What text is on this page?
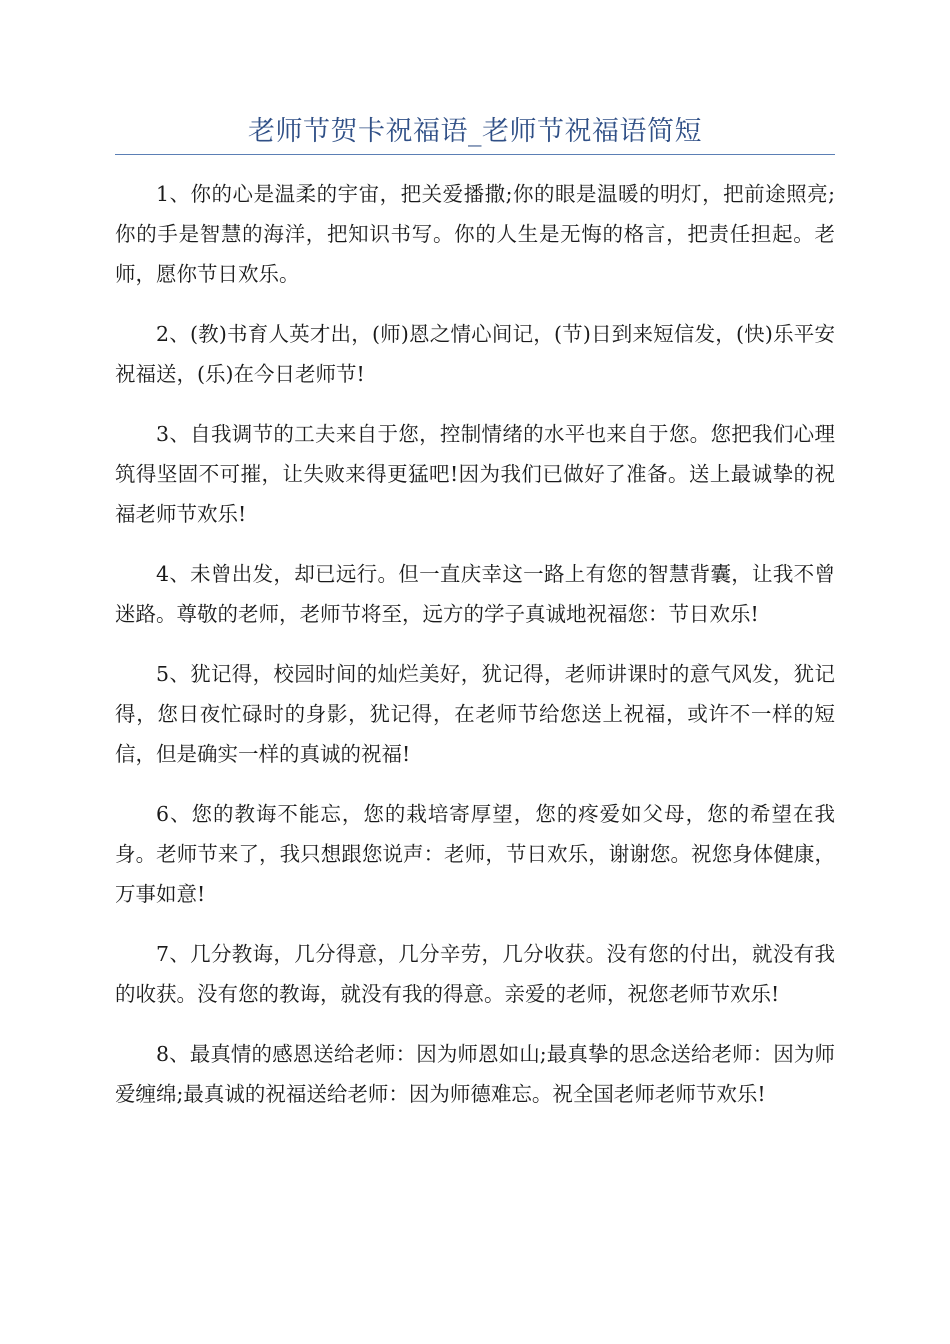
老师节贺卡祝福语_老师节祝福语简短

1、你的心是温柔的宇宙，把关爱播撒;你的眼是温暖的明灯，把前途照亮;你的手是智慧的海洋，把知识书写。你的人生是无悔的格言，把责任担起。老师，愿你节日欢乐。

2、(教)书育人英才出，(师)恩之情心间记，(节)日到来短信发，(快)乐平安祝福送，(乐)在今日老师节!

3、自我调节的工夫来自于您，控制情绪的水平也来自于您。您把我们心理筑得坚固不可摧，让失败来得更猛吧!因为我们已做好了准备。送上最诚挚的祝福老师节欢乐!

4、未曾出发，却已远行。但一直庆幸这一路上有您的智慧背囊，让我不曾迷路。尊敬的老师，老师节将至，远方的学子真诚地祝福您：节日欢乐!

5、犹记得，校园时间的灿烂美好，犹记得，老师讲课时的意气风发，犹记得，您日夜忙碌时的身影，犹记得，在老师节给您送上祝福，或许不一样的短信，但是确实一样的真诚的祝福!

6、您的教诲不能忘，您的栽培寄厚望，您的疼爱如父母，您的希望在我身。老师节来了，我只想跟您说声：老师，节日欢乐，谢谢您。祝您身体健康，万事如意!

7、几分教诲，几分得意，几分辛劳，几分收获。没有您的付出，就没有我的收获。没有您的教诲，就没有我的得意。亲爱的老师，祝您老师节欢乐!

8、最真情的感恩送给老师：因为师恩如山;最真挚的思念送给老师：因为师爱缠绵;最真诚的祝福送给老师：因为师德难忘。祝全国老师老师节欢乐!
